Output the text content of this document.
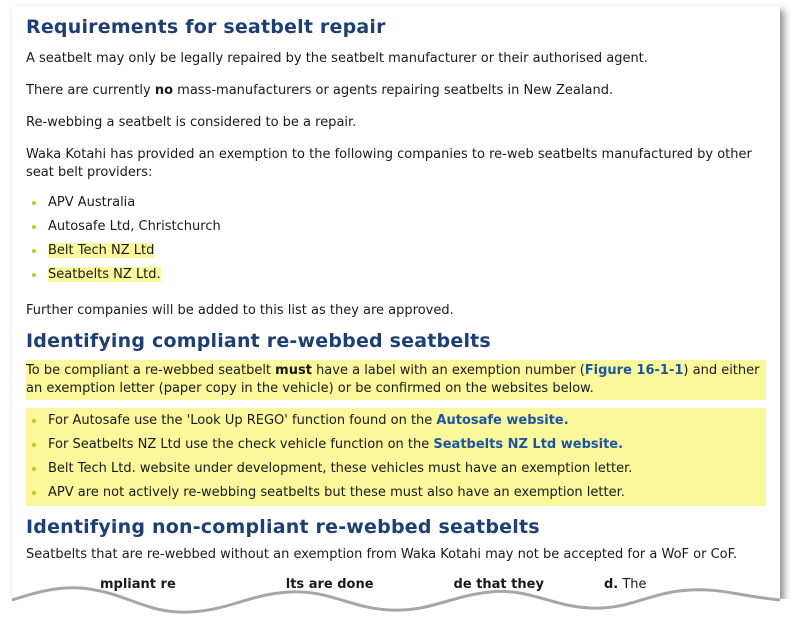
Requirements for seatbelt repair

A seatbelt may only be legally repaired by the seatbelt manufacturer or their authorised agent.

There are currently no mass-manufacturers or agents repairing seatbelts in New Zealand.

Re-webbing a seatbelt is considered to be a repair.

Waka Kotahi has provided an exemption to the following companies to re-web seatbelts manufactured by other seat belt providers:

APV Australia
Autosafe Ltd, Christchurch
Belt Tech NZ Ltd
Seatbelts NZ Ltd.

Further companies will be added to this list as they are approved.

Identifying compliant re-webbed seatbelts

To be compliant a re-webbed seatbelt must have a label with an exemption number (Figure 16-1-1) and either an exemption letter (paper copy in the vehicle) or be confirmed on the websites below.

For Autosafe use the 'Look Up REGO' function found on the Autosafe website.
For Seatbelts NZ Ltd use the check vehicle function on the Seatbelts NZ Ltd website.
Belt Tech Ltd. website under development, these vehicles must have an exemption letter.
APV are not actively re-webbing seatbelts but these must also have an exemption letter.
Identifying non-compliant re-webbed seatbelts

Seatbelts that are re-webbed without an exemption from Waka Kotahi may not be accepted for a WoF or CoF.

mpliant re	lts are done	de that they	d. The
